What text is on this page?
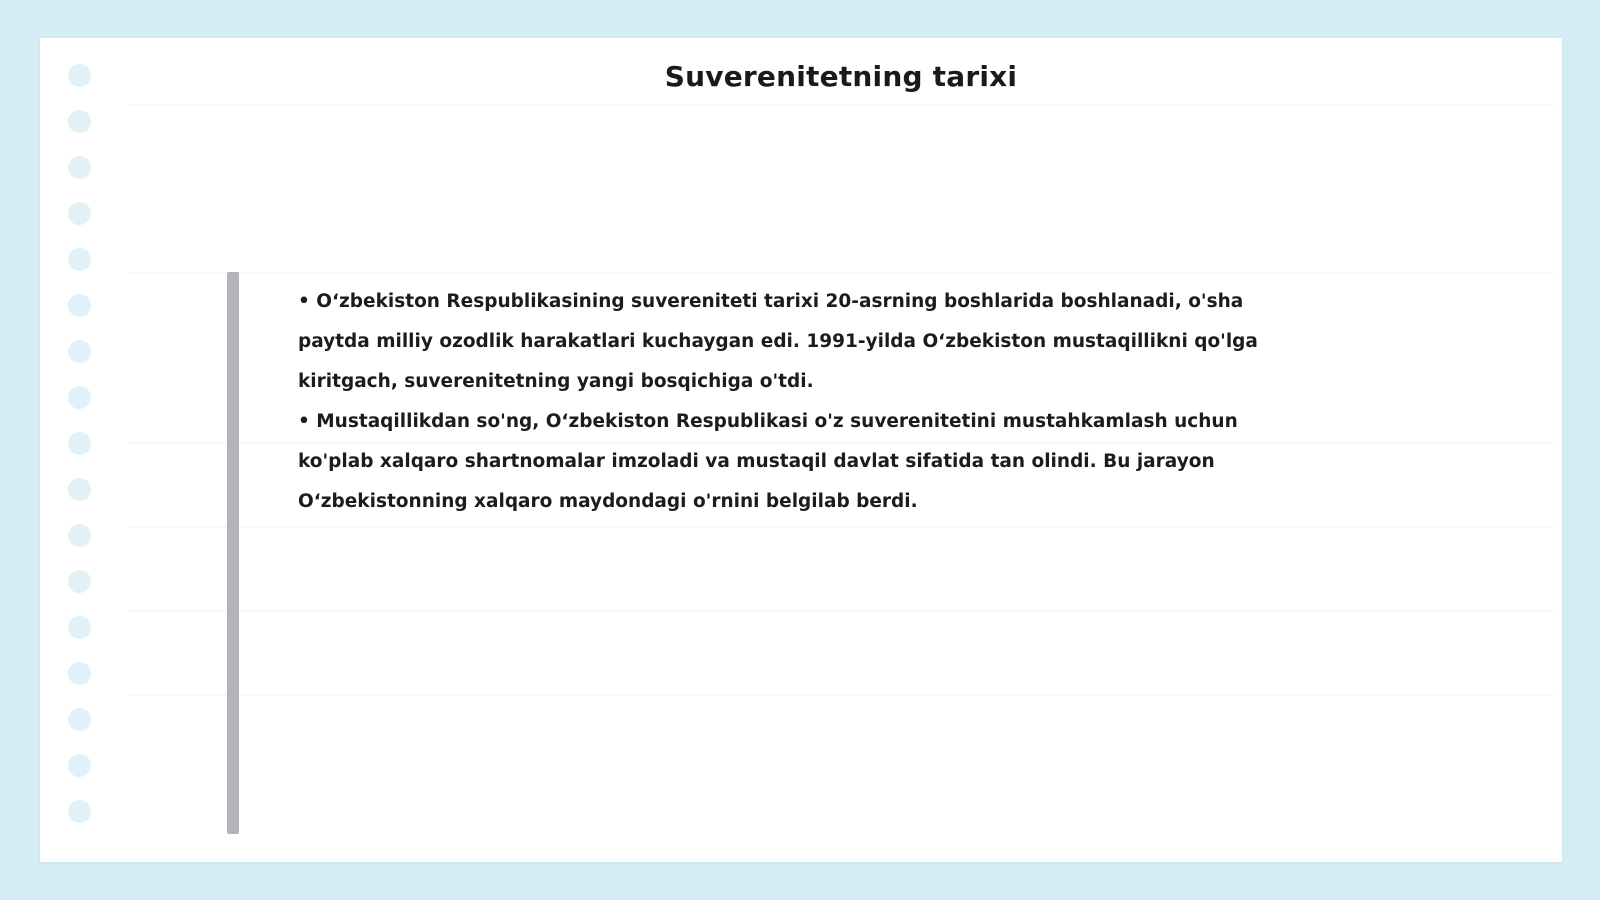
Suverenitetning tarixi

• O‘zbekiston Respublikasining suvereniteti tarixi 20-asrning boshlarida boshlanadi, o'sha paytda milliy ozodlik harakatlari kuchaygan edi. 1991-yilda O‘zbekiston mustaqillikni qo'lga kiritgach, suverenitetning yangi bosqichiga o'tdi.

• Mustaqillikdan so'ng, O‘zbekiston Respublikasi o'z suverenitetini mustahkamlash uchun ko'plab xalqaro shartnomalar imzoladi va mustaqil davlat sifatida tan olindi. Bu jarayon O‘zbekistonning xalqaro maydondagi o'rnini belgilab berdi.
